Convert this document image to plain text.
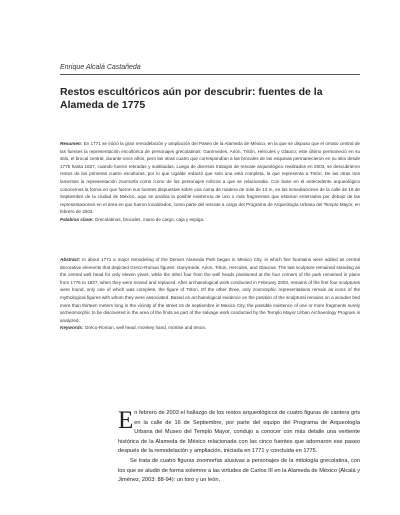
Enrique Alcalá Castañeda
Restos escultóricos aún por descubrir: fuentes de la Alameda de 1775
Resumen: En 1771 se inició la gran remodelación y ampliación del Paseo de la Alameda de México, en la que se dispuso que el ornato central de las fuentes la representación escultórica de personajes grecolatinos: Ganímedes, Arión, Tritón, Hércules y Glauco; este último permaneció en su sitio, el brocal central, durante once años, pero las otras cuatro que correspondían a las brocales de las esquinas permanecieron en su sitio desde 1775 hasta 1827, cuando fueron retiradas y sustituidas. Luego de diversos trabajos de rescate arqueológico realizados en 2003, se descubrieron restos de las primeras cuatro esculturas, por lo que Ugalde redactó que solo una está completa, la que representa a Tritón. De las otras tres lamentos la representación zoomorfa como ícono de los personajes míticos a que se relacionaba. Con base en el antecedente arqueológico conocemos la forma en que fueron sus fuentes dispuestas sobre una cama de madera de más de 13 m, en las inmediaciones de la calle de 16 de Septiembre de la ciudad de México, aquí se analiza la posible existencia de uno o más fragmentos que estarían enterrados por debajo de las representaciones en el área en que fueron localizados, como parte del rescate a cargo del Programa de Arqueología Urbana del Templo Mayor, en febrero de 2003.
Palabras clave: Grecolatinos, brocales, mano de cargo, caja y espiga.
Abstract: In about 1771 a major remodeling of the Denver Alameda Park began in Mexico City, in which five fountains were added as central decorative elements that depicted Greco-Roman figures: Ganymede, Arion, Triton, Hercules, and Glaucus. The last sculpture remained standing as the central well head for only eleven years, while the other four from the well heads positioned at the four corners of the park remained in place from 1775 to 1827, when they were moved and replaced. After archaeological work conducted in February 2003, remains of the first four sculptures were found, only one of which was complete, the figure of Triton. Of the other three, only zoomorphic representations remain as icons of the mythological figures with whom they were associated. Based on archaeological evidence on the position of the sculptural remains on a wooden bed more than thirteen meters long in the vicinity of the street 16 de septiembre in Mexico City, the possible existence of one or more fragments surely archeomorphic to be discovered in the area of the finds as part of the salvage work conducted by the Templo Mayor Urban Archaeology Program is analyzed.
Keywords: Greco-Roman, well head, monkey hand, mortise and tenon.

En febrero de 2003 el hallazgo de los restos arqueológicos de cuatro figuras de cantera gris en la calle de 16 de Septiembre, por parte del equipo del Programa de Arqueología Urbana del Museo del Templo Mayor, condujo a conocer con más detalle una vertiente histórica de la Alameda de México relacionada con las cinco fuentes que adornaron ese paseo después de la remodelación y ampliación, iniciada en 1771 y concluida en 1775.

Se trata de cuatro figuras zoomorfas alusivas a personajes de la mitología grecolatina, con los que se aludió de forma solemne a las virtudes de Carlos III en la Alameda de México (Alcalá y Jiménez, 2003: 88-94): un toro y un león,
